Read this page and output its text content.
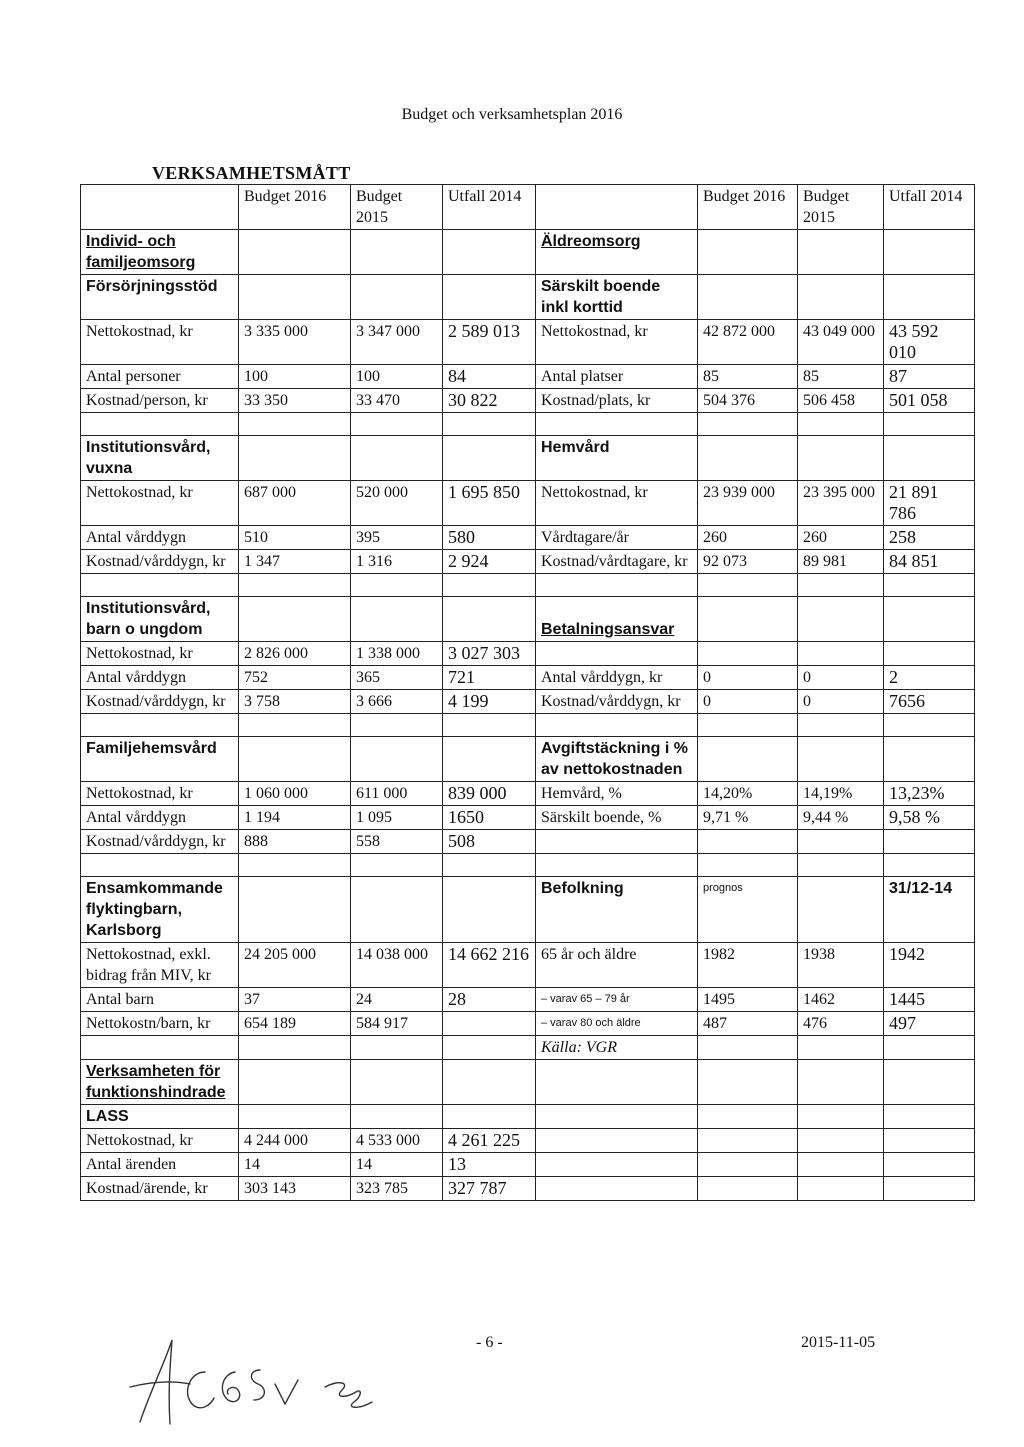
Budget och verksamhetsplan 2016
VERKSAMHETSMÅTT
	Budget 2016	Budget 2015	Utfall 2014		Budget 2016	Budget 2015	Utfall 2014
Individ- och familjeomsorg				Äldreomsorg			
Försörjningsstöd				Särskilt boende inkl korttid			
Nettokostnad, kr	3 335 000	3 347 000	2 589 013	Nettokostnad, kr	42 872 000	43 049 000	43 592 010
Antal personer	100	100	84	Antal platser	85	85	87
Kostnad/person, kr	33 350	33 470	30 822	Kostnad/plats, kr	504 376	506 458	501 058

Institutionsvård, vuxna				Hemvård			
Nettokostnad, kr	687 000	520 000	1 695 850	Nettokostnad, kr	23 939 000	23 395 000	21 891 786
Antal vårddygn	510	395	580	Vårdtagare/år	260	260	258
Kostnad/vårddygn, kr	1 347	1 316	2 924	Kostnad/vårdtagare, kr	92 073	89 981	84 851

Institutionsvård, barn o ungdom				Betalningsansvar			
Nettokostnad, kr	2 826 000	1 338 000	3 027 303				
Antal vårddygn	752	365	721	Antal vårddygn, kr	0	0	2
Kostnad/vårddygn, kr	3 758	3 666	4 199	Kostnad/vårddygn, kr	0	0	7656

Familjehemsvård				Avgiftstäckning i % av nettokostnaden			
Nettokostnad, kr	1 060 000	611 000	839 000	Hemvård, %	14,20%	14,19%	13,23%
Antal vårddygn	1 194	1 095	1650	Särskilt boende, %	9,71 %	9,44 %	9,58 %
Kostnad/vårddygn, kr	888	558	508				

Ensamkommande flyktingbarn, Karlsborg				Befolkning	prognos		31/12-14
Nettokostnad, exkl. bidrag från MIV, kr	24 205 000	14 038 000	14 662 216	65 år och äldre	1982	1938	1942
Antal barn	37	24	28	– varav 65 – 79 år	1495	1462	1445
Nettokostn/barn, kr	654 189	584 917		– varav 80 och äldre	487	476	497
				Källa: VGR			
Verksamheten för funktionshindrade							
LASS							
Nettokostnad, kr	4 244 000	4 533 000	4 261 225				
Antal ärenden	14	14	13				
Kostnad/ärende, kr	303 143	323 785	327 787				
- 6 -	2015-11-05
